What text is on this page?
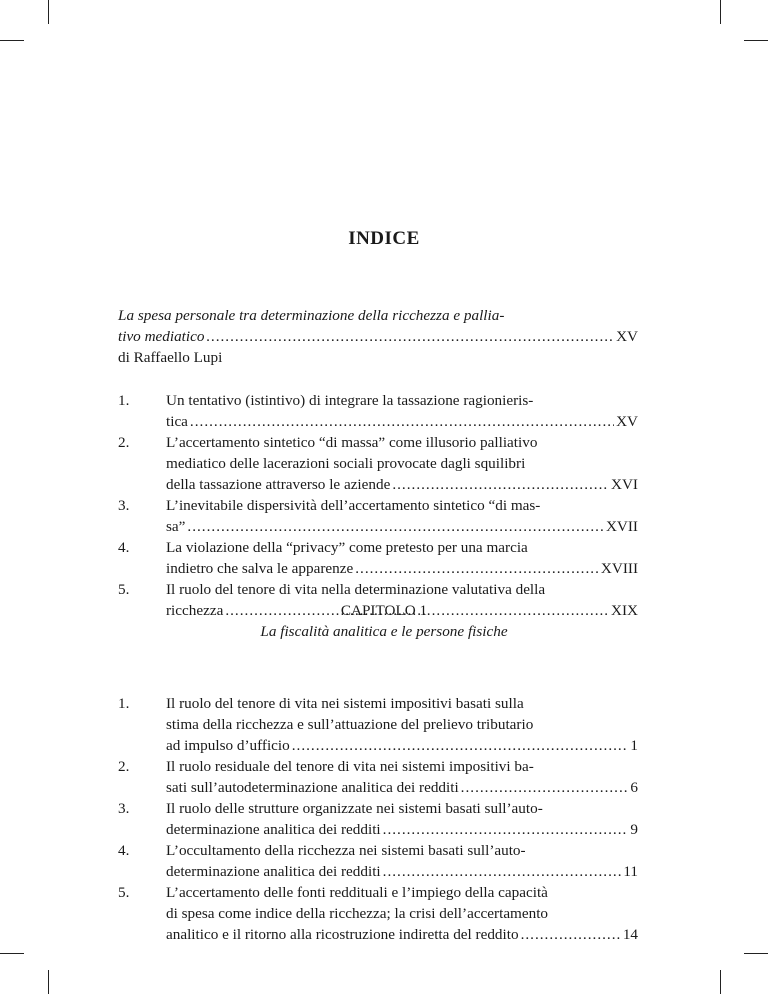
INDICE
La spesa personale tra determinazione della ricchezza e pallia-
tivo mediatico .....	XV
di Raffaello Lupi
1. Un tentativo (istintivo) di integrare la tassazione ragionieris-
tica .....	XV
2. L’accertamento sintetico “di massa” come illusorio palliativo
mediatico delle lacerazioni sociali provocate dagli squilibri
della tassazione attraverso le aziende .....	XVI
3. L’inevitabile dispersività dell’accertamento sintetico “di mas-
sa” .....	XVII
4. La violazione della “privacy” come pretesto per una marcia
indietro che salva le apparenze .....	XVIII
5. Il ruolo del tenore di vita nella determinazione valutativa della
ricchezza .....	XIX
CAPITOLO 1
La fiscalità analitica e le persone fisiche
1. Il ruolo del tenore di vita nei sistemi impositivi basati sulla
stima della ricchezza e sull’attuazione del prelievo tributario
ad impulso d’ufficio .....	1
2. Il ruolo residuale del tenore di vita nei sistemi impositivi ba-
sati sull’autodeterminazione analitica dei redditi .....	6
3. Il ruolo delle strutture organizzate nei sistemi basati sull’auto-
determinazione analitica dei redditi .....	9
4. L’occultamento della ricchezza nei sistemi basati sull’auto-
determinazione analitica dei redditi .....	11
5. L’accertamento delle fonti reddituali e l’impiego della capacità
di spesa come indice della ricchezza; la crisi dell’accertamento
analitico e il ritorno alla ricostruzione indiretta del reddito .....	14
